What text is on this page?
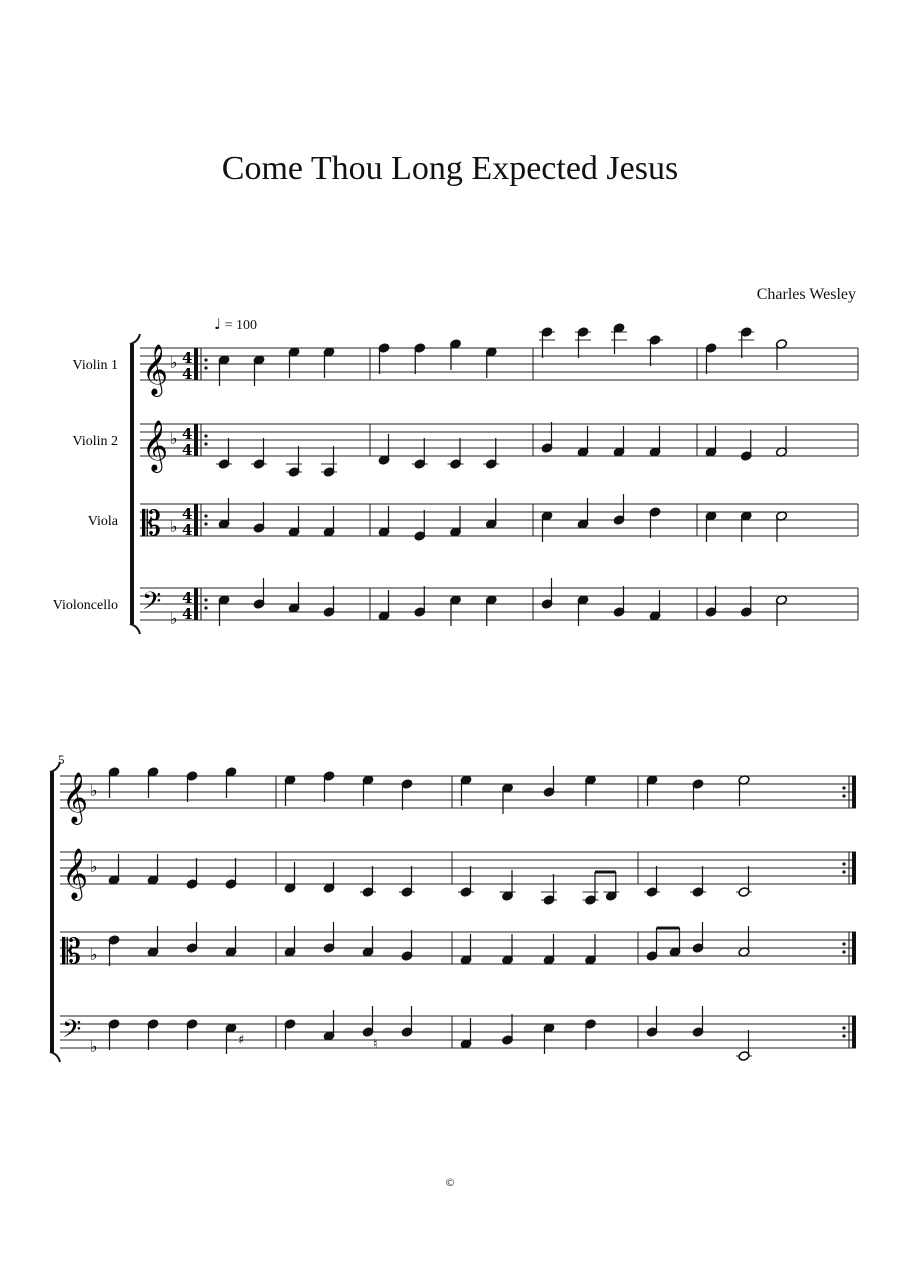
Come Thou Long Expected Jesus
Charles Wesley
♩ = 100
5
©
𝄞 ♭ 4
4
Violin 1
𝄞 ♭ 4
4
Violin 2
𝄡 ♭
4
4
Viola
𝄢 ♭
4
4
Violoncello
𝄞 ♭
𝄞 ♭
𝄡 ♭
𝄢 ♭	♯	♮
